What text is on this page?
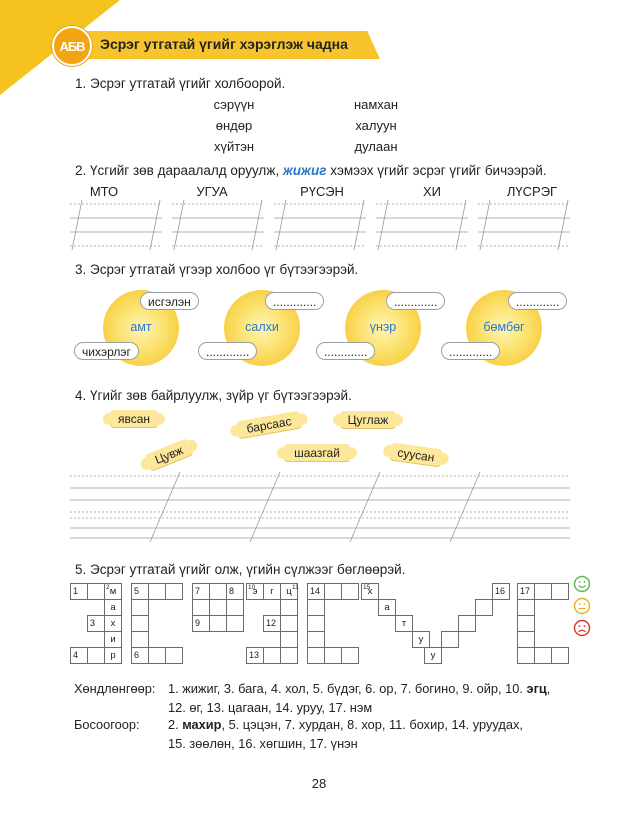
АБВ	Эсрэг утгатай үгийг хэрэглэж чадна
1. Эсрэг утгатай үгийг холбоорой.
сэрүүн
өндөр
хүйтэн
намхан
халуун
дулаан
2. Үсгийг зөв дараалалд оруулж, жижиг хэмээх үгийг эсрэг үгийг бичээрэй.
МТО	УГУА	РҮСЭН	ХИ	ЛҮСРЭГ
3. Эсрэг утгатай үгээр холбоо үг бүтээгээрэй.
амт	салхи	үнэр	бөмбөг
исгэлэн
чихэрлэг
.............
.............
.............
.............
.............
.............
4. Үгийг зөв байрлуулж, зүйр үг бүтээгээрэй.
явсан	барсаас	Цуглаж
Цувж	шаазгай	суусан
5. Эсрэг утгатай үгийг олж, үгийн сүлжээг бөглөөрэй.
1	2 м	5	7	8 10
э	г	ц 11 14	15
х	16 17
а	а
3	х	9	12	т
и	у
4	р	6	13	у
Хөндлөнгөөр: 1. жижиг, 3. бага, 4. хол, 5. бүдэг, 6. ор, 7. богино, 9. ойр, 10. эгц,
12. өг, 13. цагаан, 14. уруу, 17. нэм
Босоогоор: 2. махир, 5. цэцэн, 7. хурдан, 8. хор, 11. бохир, 14. уруудах,
15. зөөлөн, 16. хөгшин, 17. үнэн
28
